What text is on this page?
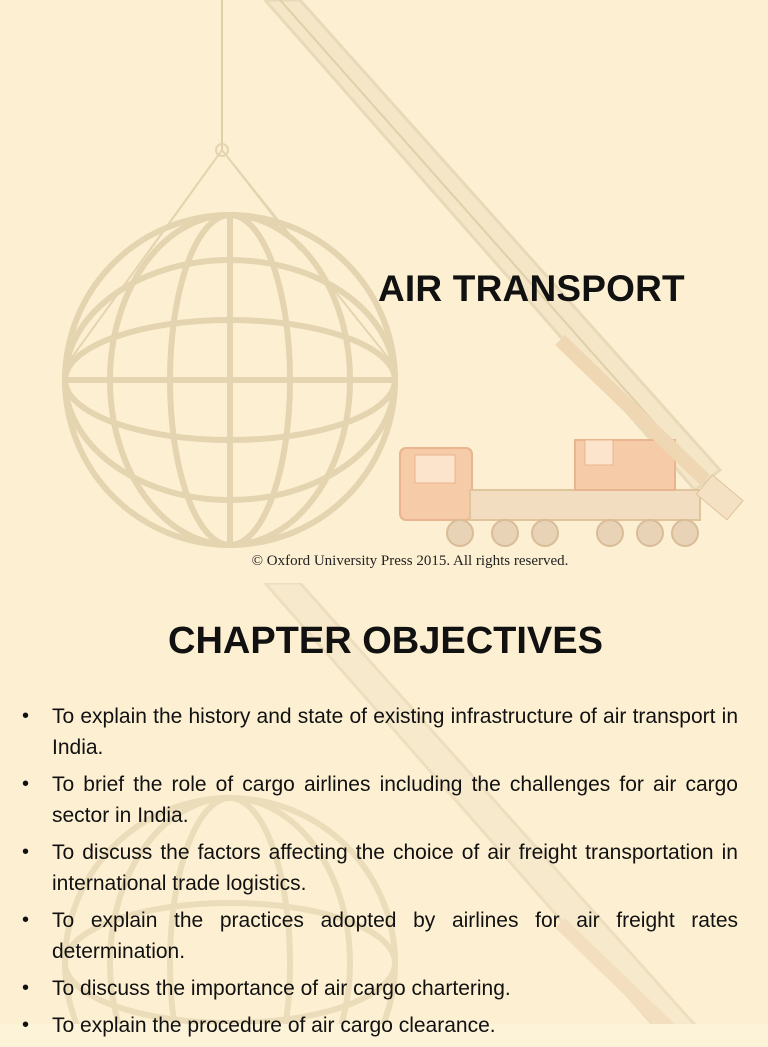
AIR TRANSPORT
© Oxford University Press 2015. All rights reserved.
CHAPTER OBJECTIVES
• To explain the history and state of existing infrastructure of air transport in India.
• To brief the role of cargo airlines including the challenges for air cargo sector in India.
• To discuss the factors affecting the choice of air freight transportation in international trade logistics.
• To explain the practices adopted by airlines for air freight rates determination.
• To discuss the importance of air cargo chartering.
• To explain the procedure of air cargo clearance.
